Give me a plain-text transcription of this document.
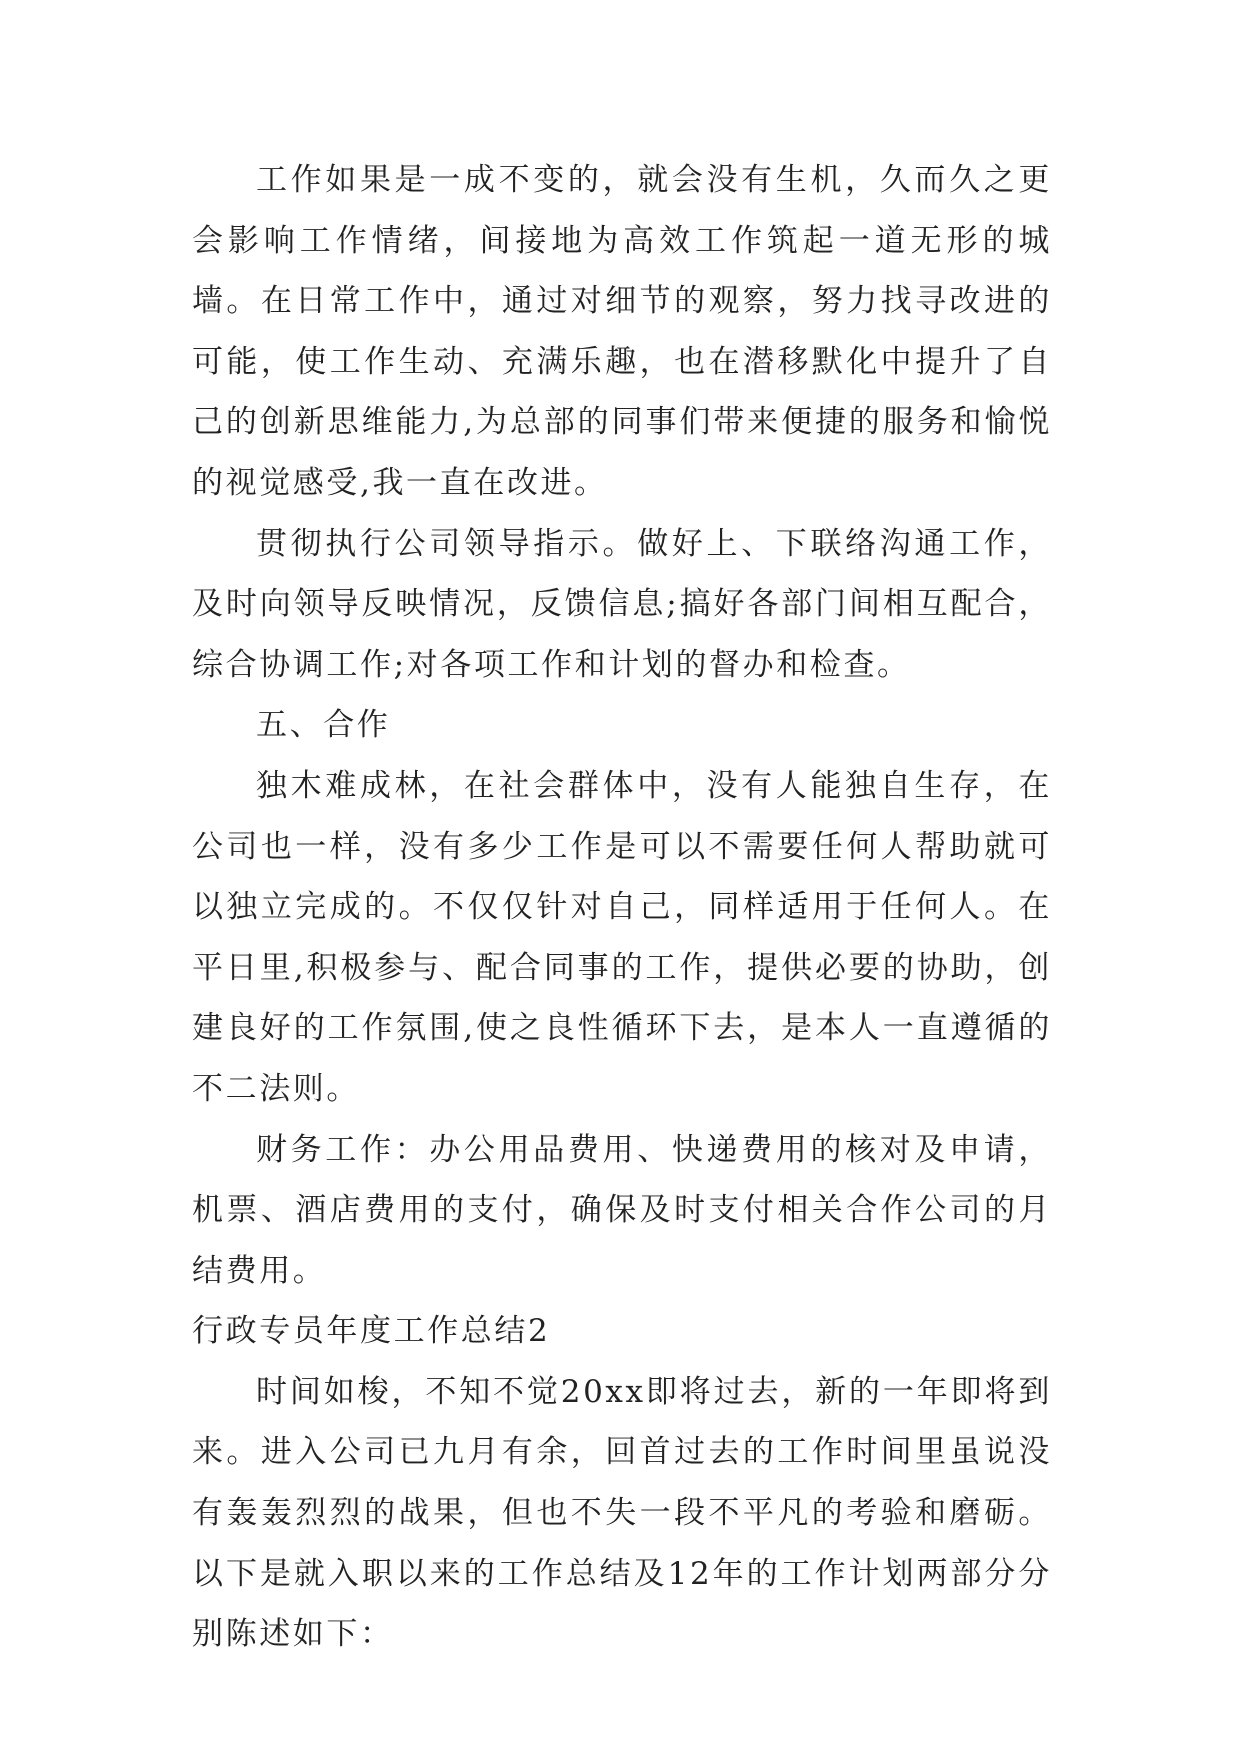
工作如果是一成不变的，就会没有生机，久而久之更会影响工作情绪，间接地为高效工作筑起一道无形的城墙。在日常工作中，通过对细节的观察，努力找寻改进的可能，使工作生动、充满乐趣，也在潜移默化中提升了自己的创新思维能力,为总部的同事们带来便捷的服务和愉悦的视觉感受,我一直在改进。

贯彻执行公司领导指示。做好上、下联络沟通工作，及时向领导反映情况，反馈信息;搞好各部门间相互配合，综合协调工作;对各项工作和计划的督办和检查。

五、合作

独木难成林，在社会群体中，没有人能独自生存，在公司也一样，没有多少工作是可以不需要任何人帮助就可以独立完成的。不仅仅针对自己，同样适用于任何人。在平日里,积极参与、配合同事的工作，提供必要的协助，创建良好的工作氛围,使之良性循环下去，是本人一直遵循的不二法则。

财务工作：办公用品费用、快递费用的核对及申请，机票、酒店费用的支付，确保及时支付相关合作公司的月结费用。

行政专员年度工作总结2

时间如梭，不知不觉20xx即将过去，新的一年即将到来。进入公司已九月有余，回首过去的工作时间里虽说没有轰轰烈烈的战果，但也不失一段不平凡的考验和磨砺。以下是就入职以来的工作总结及12年的工作计划两部分分别陈述如下：
